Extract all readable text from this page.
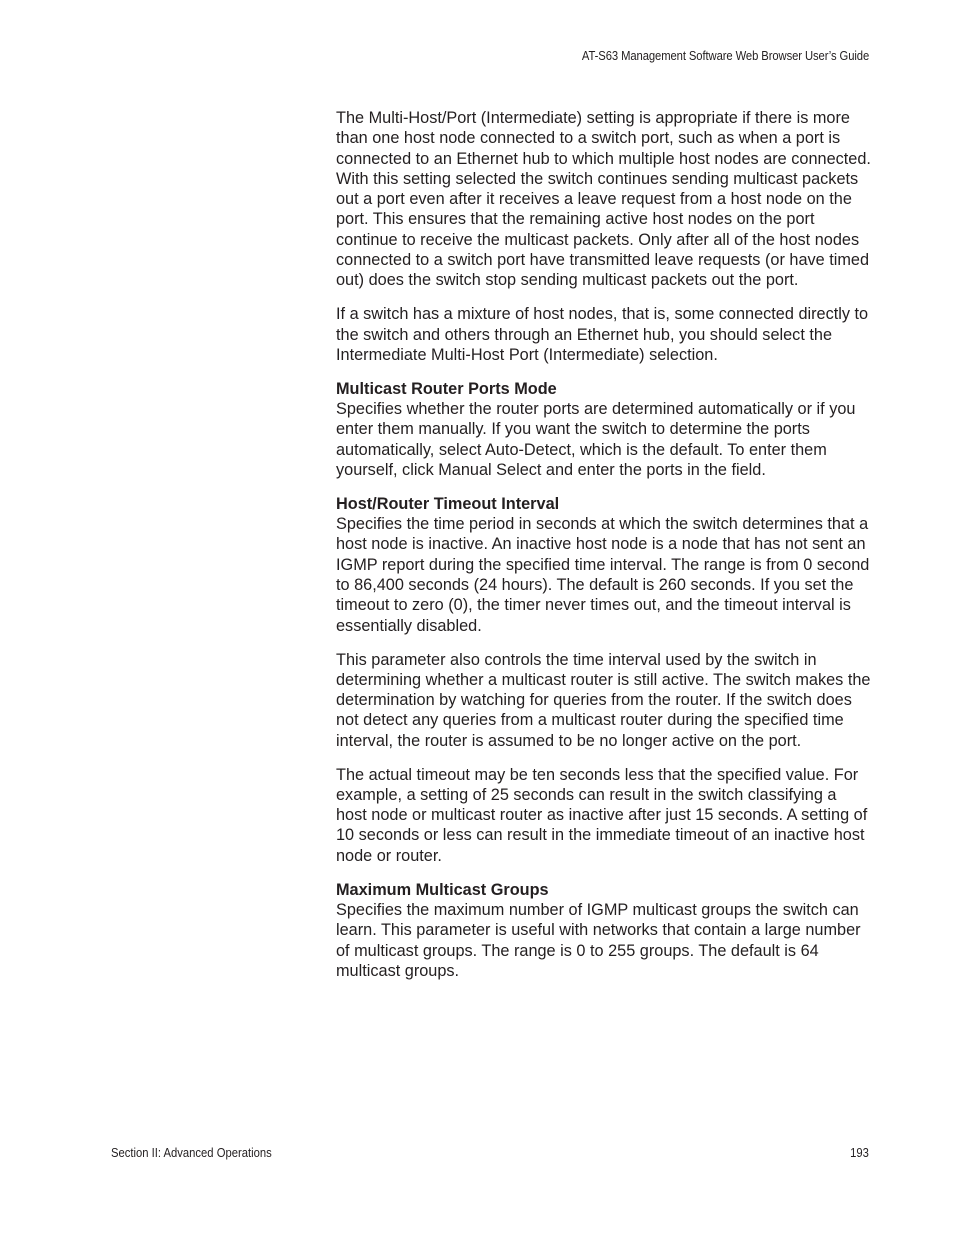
AT-S63 Management Software Web Browser User’s Guide

The Multi-Host/Port (Intermediate) setting is appropriate if there is more than one host node connected to a switch port, such as when a port is connected to an Ethernet hub to which multiple host nodes are connected. With this setting selected the switch continues sending multicast packets out a port even after it receives a leave request from a host node on the port. This ensures that the remaining active host nodes on the port continue to receive the multicast packets. Only after all of the host nodes connected to a switch port have transmitted leave requests (or have timed out) does the switch stop sending multicast packets out the port.

If a switch has a mixture of host nodes, that is, some connected directly to the switch and others through an Ethernet hub, you should select the Intermediate Multi-Host Port (Intermediate) selection.

Multicast Router Ports Mode
Specifies whether the router ports are determined automatically or if you enter them manually. If you want the switch to determine the ports automatically, select Auto-Detect, which is the default. To enter them yourself, click Manual Select and enter the ports in the field.

Host/Router Timeout Interval
Specifies the time period in seconds at which the switch determines that a host node is inactive. An inactive host node is a node that has not sent an IGMP report during the specified time interval. The range is from 0 second to 86,400 seconds (24 hours). The default is 260 seconds. If you set the timeout to zero (0), the timer never times out, and the timeout interval is essentially disabled.

This parameter also controls the time interval used by the switch in determining whether a multicast router is still active. The switch makes the determination by watching for queries from the router. If the switch does not detect any queries from a multicast router during the specified time interval, the router is assumed to be no longer active on the port.

The actual timeout may be ten seconds less that the specified value. For example, a setting of 25 seconds can result in the switch classifying a host node or multicast router as inactive after just 15 seconds. A setting of 10 seconds or less can result in the immediate timeout of an inactive host node or router.

Maximum Multicast Groups
Specifies the maximum number of IGMP multicast groups the switch can learn. This parameter is useful with networks that contain a large number of multicast groups. The range is 0 to 255 groups. The default is 64 multicast groups.

Section II: Advanced Operations	193
